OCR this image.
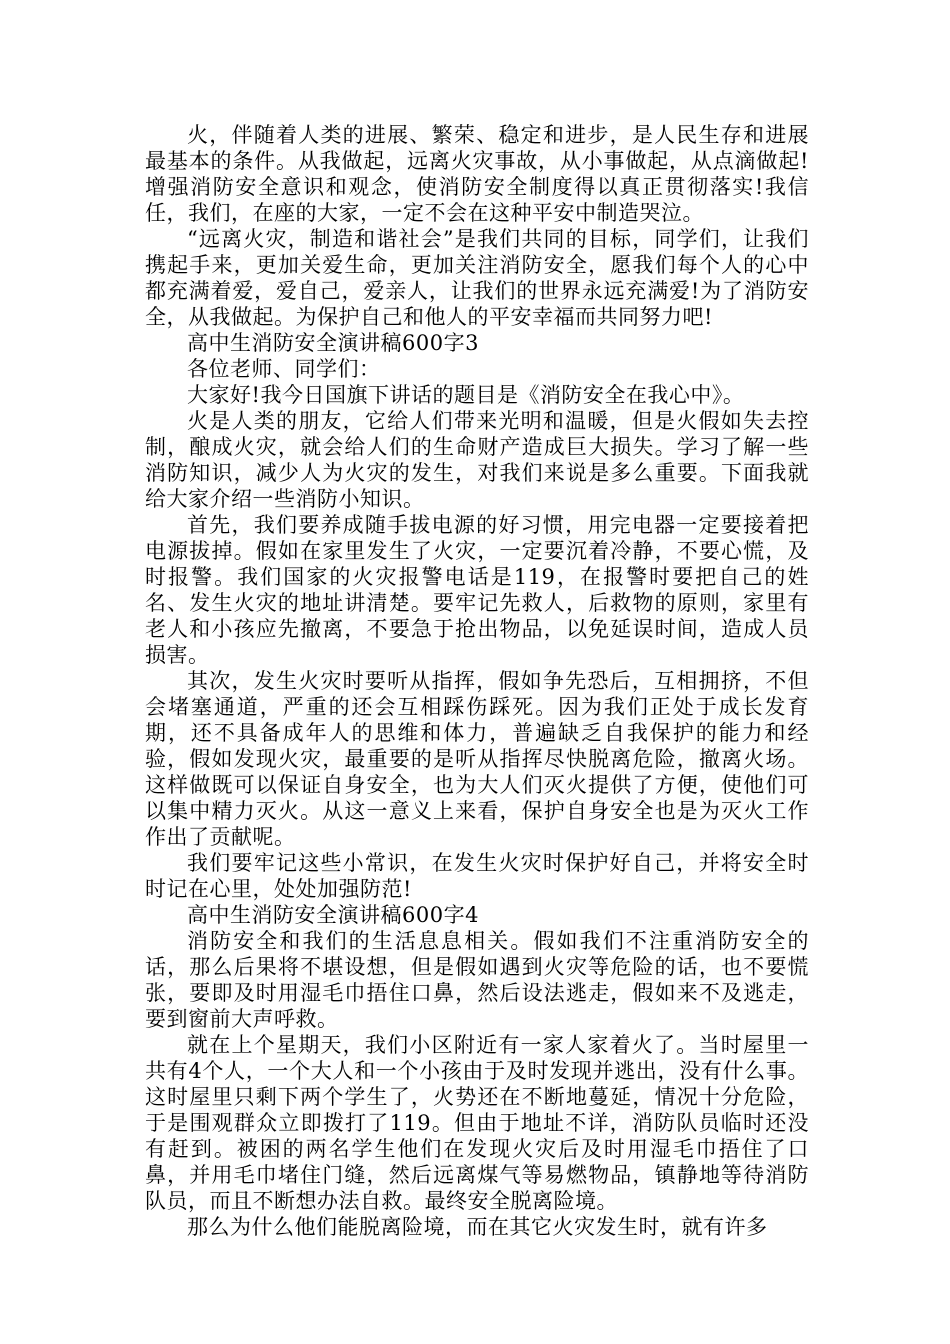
火，伴随着人类的进展、繁荣、稳定和进步，是人民生存和进展最基本的条件。从我做起，远离火灾事故，从小事做起，从点滴做起!增强消防安全意识和观念，使消防安全制度得以真正贯彻落实!我信任，我们，在座的大家，一定不会在这种平安中制造哭泣。

“远离火灾，制造和谐社会”是我们共同的目标，同学们，让我们携起手来，更加关爱生命，更加关注消防安全，愿我们每个人的心中都充满着爱，爱自己，爱亲人，让我们的世界永远充满爱!为了消防安全，从我做起。为保护自己和他人的平安幸福而共同努力吧!

高中生消防安全演讲稿600字3

各位老师、同学们：

大家好!我今日国旗下讲话的题目是《消防安全在我心中》。

火是人类的朋友，它给人们带来光明和温暖，但是火假如失去控制，酿成火灾，就会给人们的生命财产造成巨大损失。学习了解一些消防知识，减少人为火灾的发生，对我们来说是多么重要。下面我就给大家介绍一些消防小知识。

首先，我们要养成随手拔电源的好习惯，用完电器一定要接着把电源拔掉。假如在家里发生了火灾，一定要沉着冷静，不要心慌，及时报警。我们国家的火灾报警电话是119，在报警时要把自己的姓名、发生火灾的地址讲清楚。要牢记先救人，后救物的原则，家里有老人和小孩应先撤离，不要急于抢出物品，以免延误时间，造成人员损害。

其次，发生火灾时要听从指挥，假如争先恐后，互相拥挤，不但会堵塞通道，严重的还会互相踩伤踩死。因为我们正处于成长发育期，还不具备成年人的思维和体力，普遍缺乏自我保护的能力和经验，假如发现火灾，最重要的是听从指挥尽快脱离危险，撤离火场。这样做既可以保证自身安全，也为大人们灭火提供了方便，使他们可以集中精力灭火。从这一意义上来看，保护自身安全也是为灭火工作作出了贡献呢。

我们要牢记这些小常识，在发生火灾时保护好自己，并将安全时时记在心里，处处加强防范!

高中生消防安全演讲稿600字4

消防安全和我们的生活息息相关。假如我们不注重消防安全的话，那么后果将不堪设想，但是假如遇到火灾等危险的话，也不要慌张，要即及时用湿毛巾捂住口鼻，然后设法逃走，假如来不及逃走，要到窗前大声呼救。

就在上个星期天，我们小区附近有一家人家着火了。当时屋里一共有4个人，一个大人和一个小孩由于及时发现并逃出，没有什么事。这时屋里只剩下两个学生了，火势还在不断地蔓延，情况十分危险，于是围观群众立即拨打了119。但由于地址不详，消防队员临时还没有赶到。被困的两名学生他们在发现火灾后及时用湿毛巾捂住了口鼻，并用毛巾堵住门缝，然后远离煤气等易燃物品，镇静地等待消防队员，而且不断想办法自救。最终安全脱离险境。

那么为什么他们能脱离险境，而在其它火灾发生时，就有许多
